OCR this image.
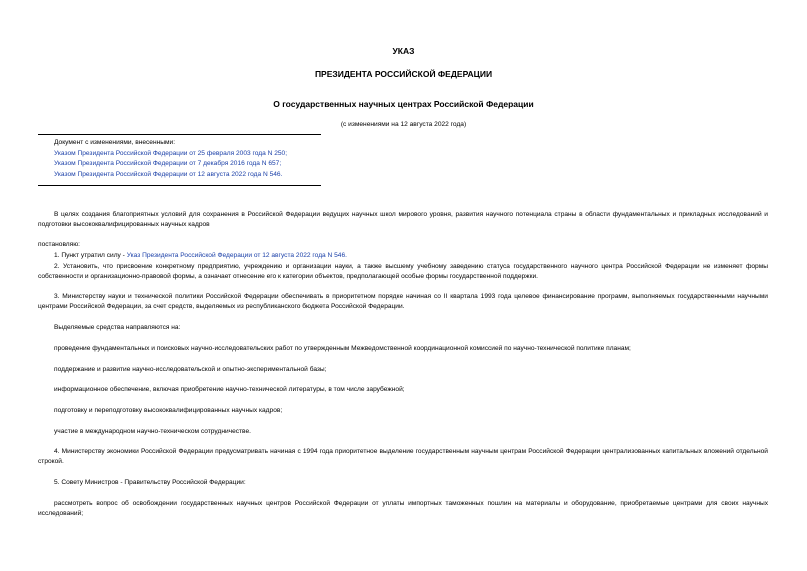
УКАЗ
ПРЕЗИДЕНТА РОССИЙСКОЙ ФЕДЕРАЦИИ
О государственных научных центрах Российской Федерации
(с изменениями на 12 августа 2022 года)
Документ с изменениями, внесенными:
Указом Президента Российской Федерации от 25 февраля 2003 года N 250;
Указом Президента Российской Федерации от 7 декабря 2016 года N 657;
Указом Президента Российской Федерации от 12 августа 2022 года N 546.
В целях создания благоприятных условий для сохранения в Российской Федерации ведущих научных школ мирового уровня, развития научного потенциала страны в области фундаментальных и прикладных исследований и подготовки высококвалифицированных научных кадров
постановляю:
1. Пункт утратил силу - Указ Президента Российской Федерации от 12 августа 2022 года N 546.
2. Установить, что присвоение конкретному предприятию, учреждению и организации науки, а также высшему учебному заведению статуса государственного научного центра Российской Федерации не изменяет формы собственности и организационно-правовой формы, а означает отнесение его к категории объектов, предполагающей особые формы государственной поддержки.
3. Министерству науки и технической политики Российской Федерации обеспечивать в приоритетном порядке начиная со II квартала 1993 года целевое финансирование программ, выполняемых государственными научными центрами Российской Федерации, за счет средств, выделяемых из республиканского бюджета Российской Федерации.
Выделяемые средства направляются на:
проведение фундаментальных и поисковых научно-исследовательских работ по утвержденным Межведомственной координационной комиссией по научно-технической политике планам;
поддержание и развитие научно-исследовательской и опытно-экспериментальной базы;
информационное обеспечение, включая приобретение научно-технической литературы, в том числе зарубежной;
подготовку и переподготовку высококвалифицированных научных кадров;
участие в международном научно-техническом сотрудничестве.
4. Министерству экономики Российской Федерации предусматривать начиная с 1994 года приоритетное выделение государственным научным центрам Российской Федерации централизованных капитальных вложений отдельной строкой.
5. Совету Министров - Правительству Российской Федерации:
рассмотреть вопрос об освобождении государственных научных центров Российской Федерации от уплаты импортных таможенных пошлин на материалы и оборудование, приобретаемые центрами для своих научных исследований;
